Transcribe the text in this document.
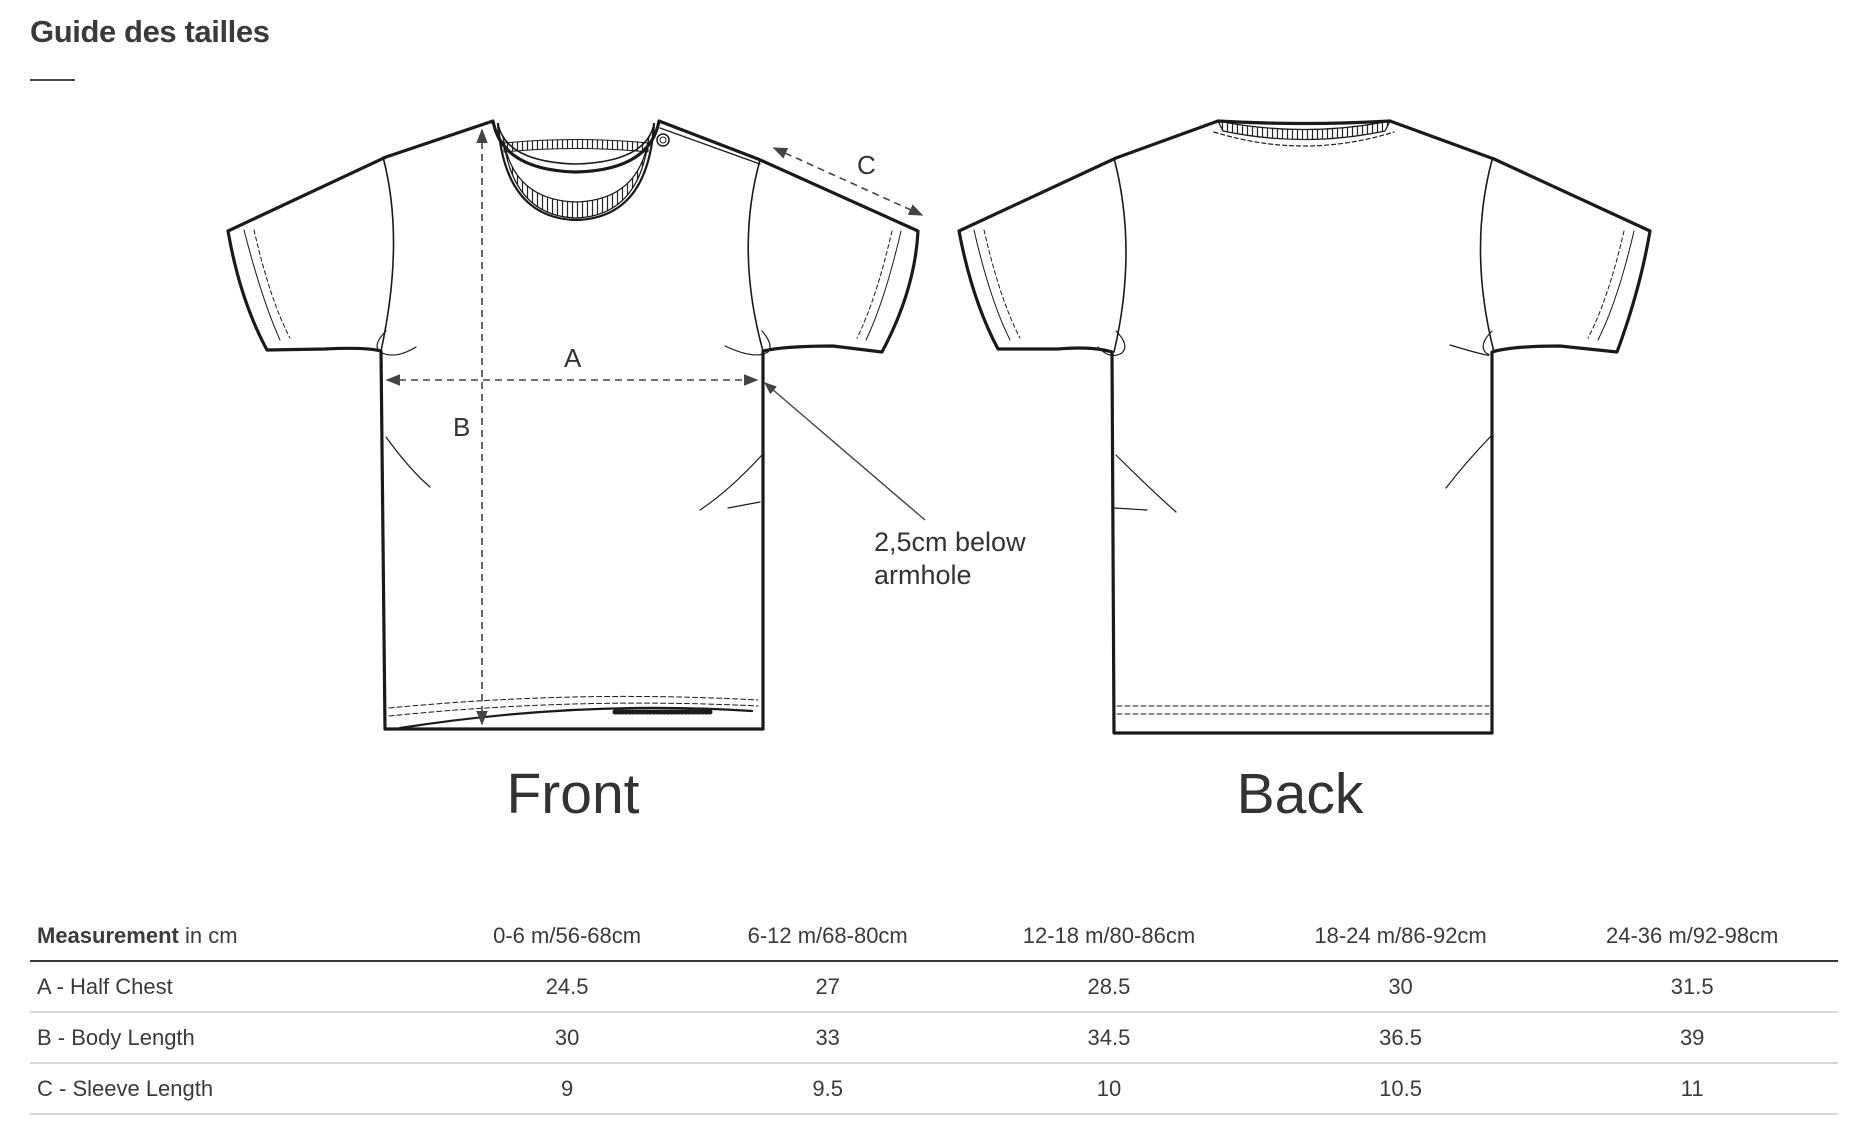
Guide des tailles
A
B
C
2,5cm below
armhole
Front	Back
Measurement in cm	0-6 m/56-68cm	6-12 m/68-80cm	12-18 m/80-86cm	18-24 m/86-92cm	24-36 m/92-98cm
A - Half Chest	24.5	27	28.5	30	31.5
B - Body Length	30	33	34.5	36.5	39
C - Sleeve Length	9	9.5	10	10.5	11
